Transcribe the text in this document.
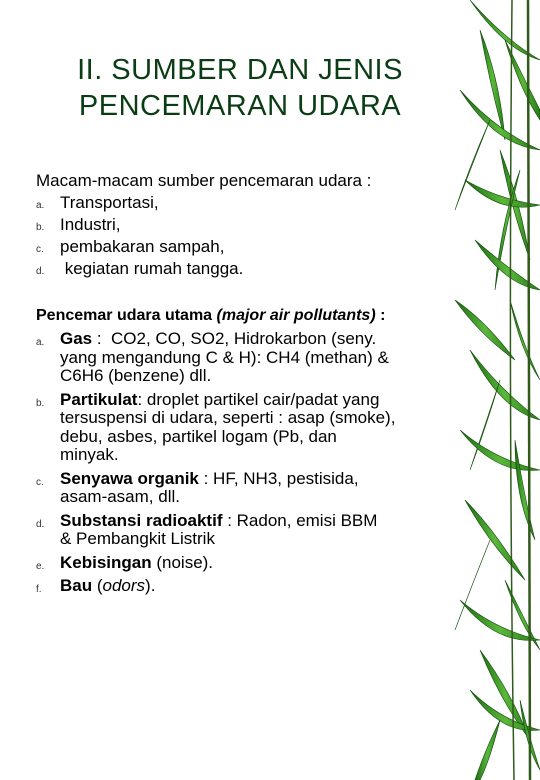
II. SUMBER DAN JENIS
PENCEMARAN UDARA
Macam-macam sumber pencemaran udara :
a. Transportasi,
b. Industri,
c. pembakaran sampah,
d. kegiatan rumah tangga.
Pencemar udara utama (major air pollutants) :
a. Gas :  CO2, CO, SO2, Hidrokarbon (seny.
yang mengandung C & H): CH4 (methan) &
C6H6 (benzene) dll.
b. Partikulat: droplet partikel cair/padat yang
tersuspensi di udara, seperti : asap (smoke),
debu, asbes, partikel logam (Pb, dan
minyak.
c. Senyawa organik : HF, NH3, pestisida,
asam-asam, dll.
d. Substansi radioaktif : Radon, emisi BBM
& Pembangkit Listrik
e. Kebisingan (noise).
f. Bau (odors).
